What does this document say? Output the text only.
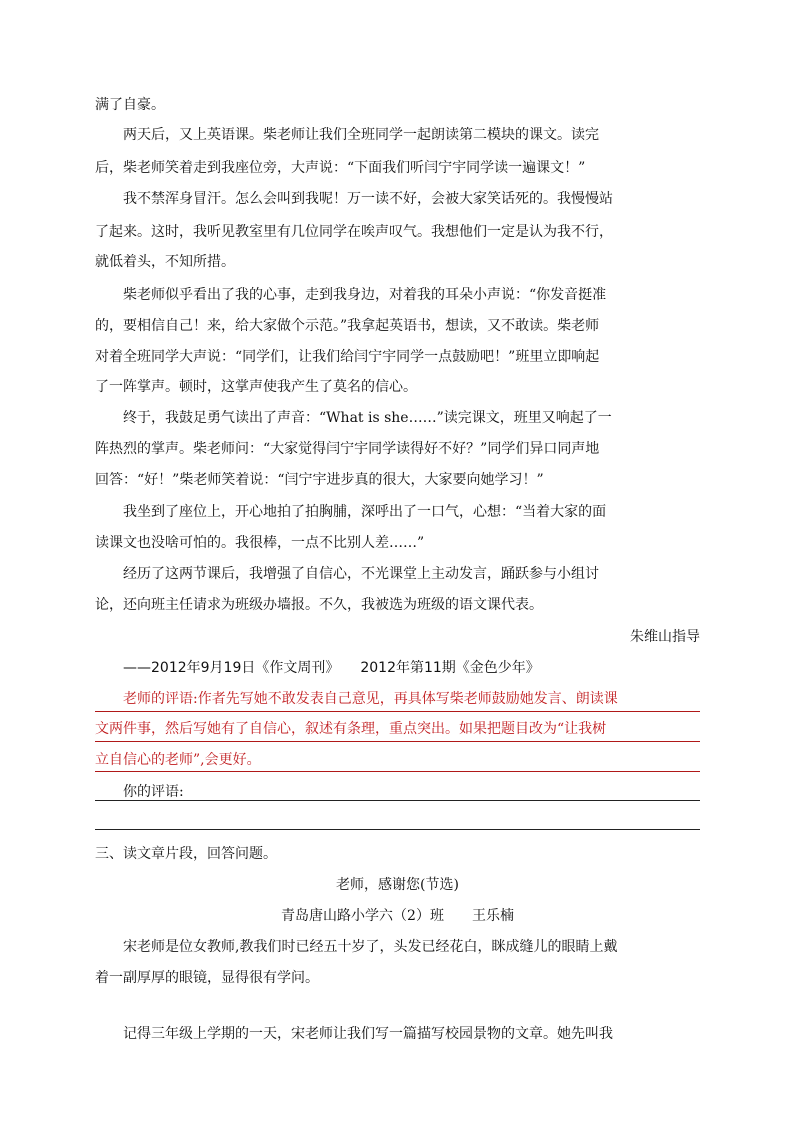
满了自豪。
两天后，又上英语课。柴老师让我们全班同学一起朗读第二模块的课文。读完
后，柴老师笑着走到我座位旁，大声说：“下面我们听闫宁宇同学读一遍课文！”
我不禁浑身冒汗。怎么会叫到我呢！万一读不好，会被大家笑话死的。我慢慢站
了起来。这时，我听见教室里有几位同学在唉声叹气。我想他们一定是认为我不行，
就低着头，不知所措。
柴老师似乎看出了我的心事，走到我身边，对着我的耳朵小声说：“你发音挺准
的，要相信自己！来，给大家做个示范。”我拿起英语书，想读，又不敢读。柴老师
对着全班同学大声说：“同学们，让我们给闫宁宇同学一点鼓励吧！”班里立即响起
了一阵掌声。顿时，这掌声使我产生了莫名的信心。
终于，我鼓足勇气读出了声音：“What is she……”读完课文，班里又响起了一
阵热烈的掌声。柴老师问：“大家觉得闫宁宇同学读得好不好？”同学们异口同声地
回答：“好！”柴老师笑着说：“闫宁宇进步真的很大，大家要向她学习！”
我坐到了座位上，开心地拍了拍胸脯，深呼出了一口气，心想：“当着大家的面
读课文也没啥可怕的。我很棒，一点不比别人差……”
经历了这两节课后，我增强了自信心，不光课堂上主动发言，踊跃参与小组讨
论，还向班主任请求为班级办墙报。不久，我被选为班级的语文课代表。
朱维山指导
——2012年9月19日《作文周刊》　　2012年第11期《金色少年》
老师的评语:作者先写她不敢发表自己意见，再具体写柴老师鼓励她发言、朗读课
文两件事，然后写她有了自信心，叙述有条理，重点突出。如果把题目改为“让我树
立自信心的老师”,会更好。
你的评语:
三、读文章片段，回答问题。
老师，感谢您(节选)
青岛唐山路小学六（2）班　　王乐楠
宋老师是位女教师,教我们时已经五十岁了，头发已经花白，眯成缝儿的眼睛上戴
着一副厚厚的眼镜，显得很有学问。
记得三年级上学期的一天，宋老师让我们写一篇描写校园景物的文章。她先叫我
